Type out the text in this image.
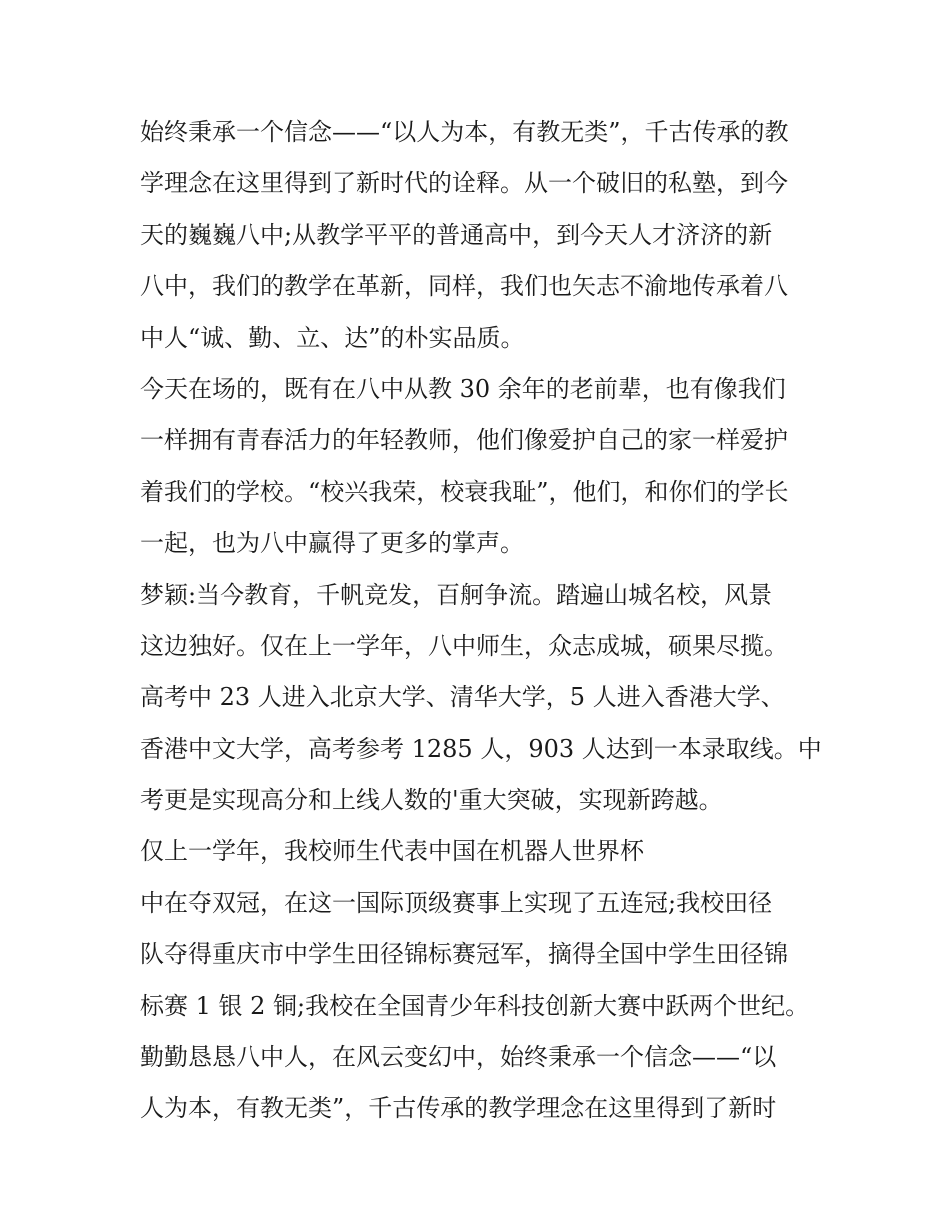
始终秉承一个信念——“以人为本，有教无类”，千古传承的教
学理念在这里得到了新时代的诠释。从一个破旧的私塾，到今
天的巍巍八中;从教学平平的普通高中，到今天人才济济的新
八中，我们的教学在革新，同样，我们也矢志不渝地传承着八
中人“诚、勤、立、达”的朴实品质。
今天在场的，既有在八中从教 30 余年的老前辈，也有像我们
一样拥有青春活力的年轻教师，他们像爱护自己的家一样爱护
着我们的学校。“校兴我荣，校衰我耻”，他们，和你们的学长
一起，也为八中赢得了更多的掌声。
梦颖:当今教育，千帆竞发，百舸争流。踏遍山城名校，风景
这边独好。仅在上一学年，八中师生，众志成城，硕果尽揽。
高考中 23 人进入北京大学、清华大学，5 人进入香港大学、
香港中文大学，高考参考 1285 人，903 人达到一本录取线。中
考更是实现高分和上线人数的'重大突破，实现新跨越。
仅上一学年，我校师生代表中国在机器人世界杯
中在夺双冠，在这一国际顶级赛事上实现了五连冠;我校田径
队夺得重庆市中学生田径锦标赛冠军，摘得全国中学生田径锦
标赛 1 银 2 铜;我校在全国青少年科技创新大赛中跃两个世纪。
勤勤恳恳八中人，在风云变幻中，始终秉承一个信念——“以
人为本，有教无类”，千古传承的教学理念在这里得到了新时
